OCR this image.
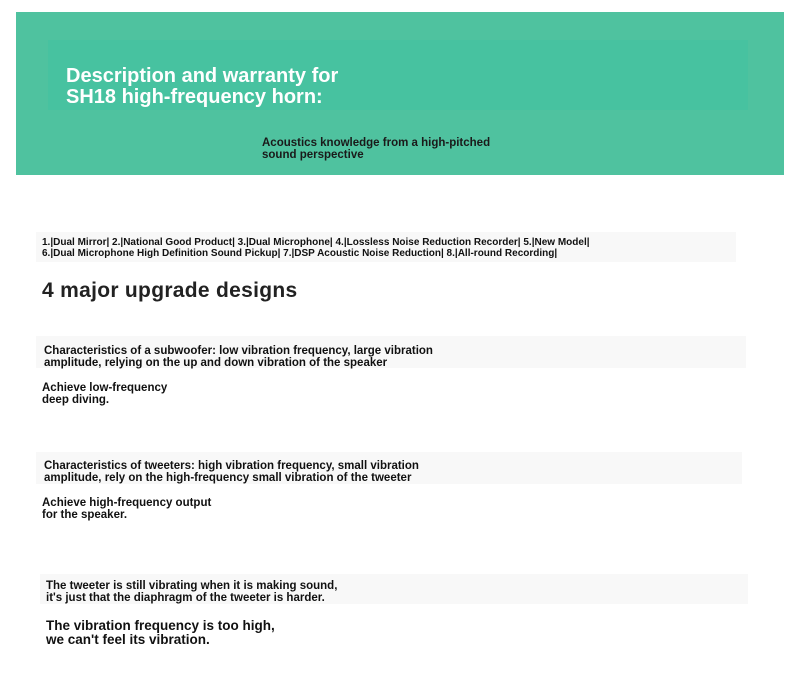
Description and warranty for
SH18 high-frequency horn:
Acoustics knowledge from a high-pitched
sound perspective
1.|Dual Mirror| 2.|National Good Product| 3.|Dual Microphone| 4.|Lossless Noise Reduction Recorder| 5.|New Model|
6.|Dual Microphone High Definition Sound Pickup| 7.|DSP Acoustic Noise Reduction| 8.|All-round Recording|
4 major upgrade designs
Characteristics of a subwoofer: low vibration frequency, large vibration
amplitude, relying on the up and down vibration of the speaker
Achieve low-frequency
deep diving.
Characteristics of tweeters: high vibration frequency, small vibration
amplitude, rely on the high-frequency small vibration of the tweeter
Achieve high-frequency output
for the speaker.
The tweeter is still vibrating when it is making sound,
it's just that the diaphragm of the tweeter is harder.
The vibration frequency is too high,
we can't feel its vibration.
